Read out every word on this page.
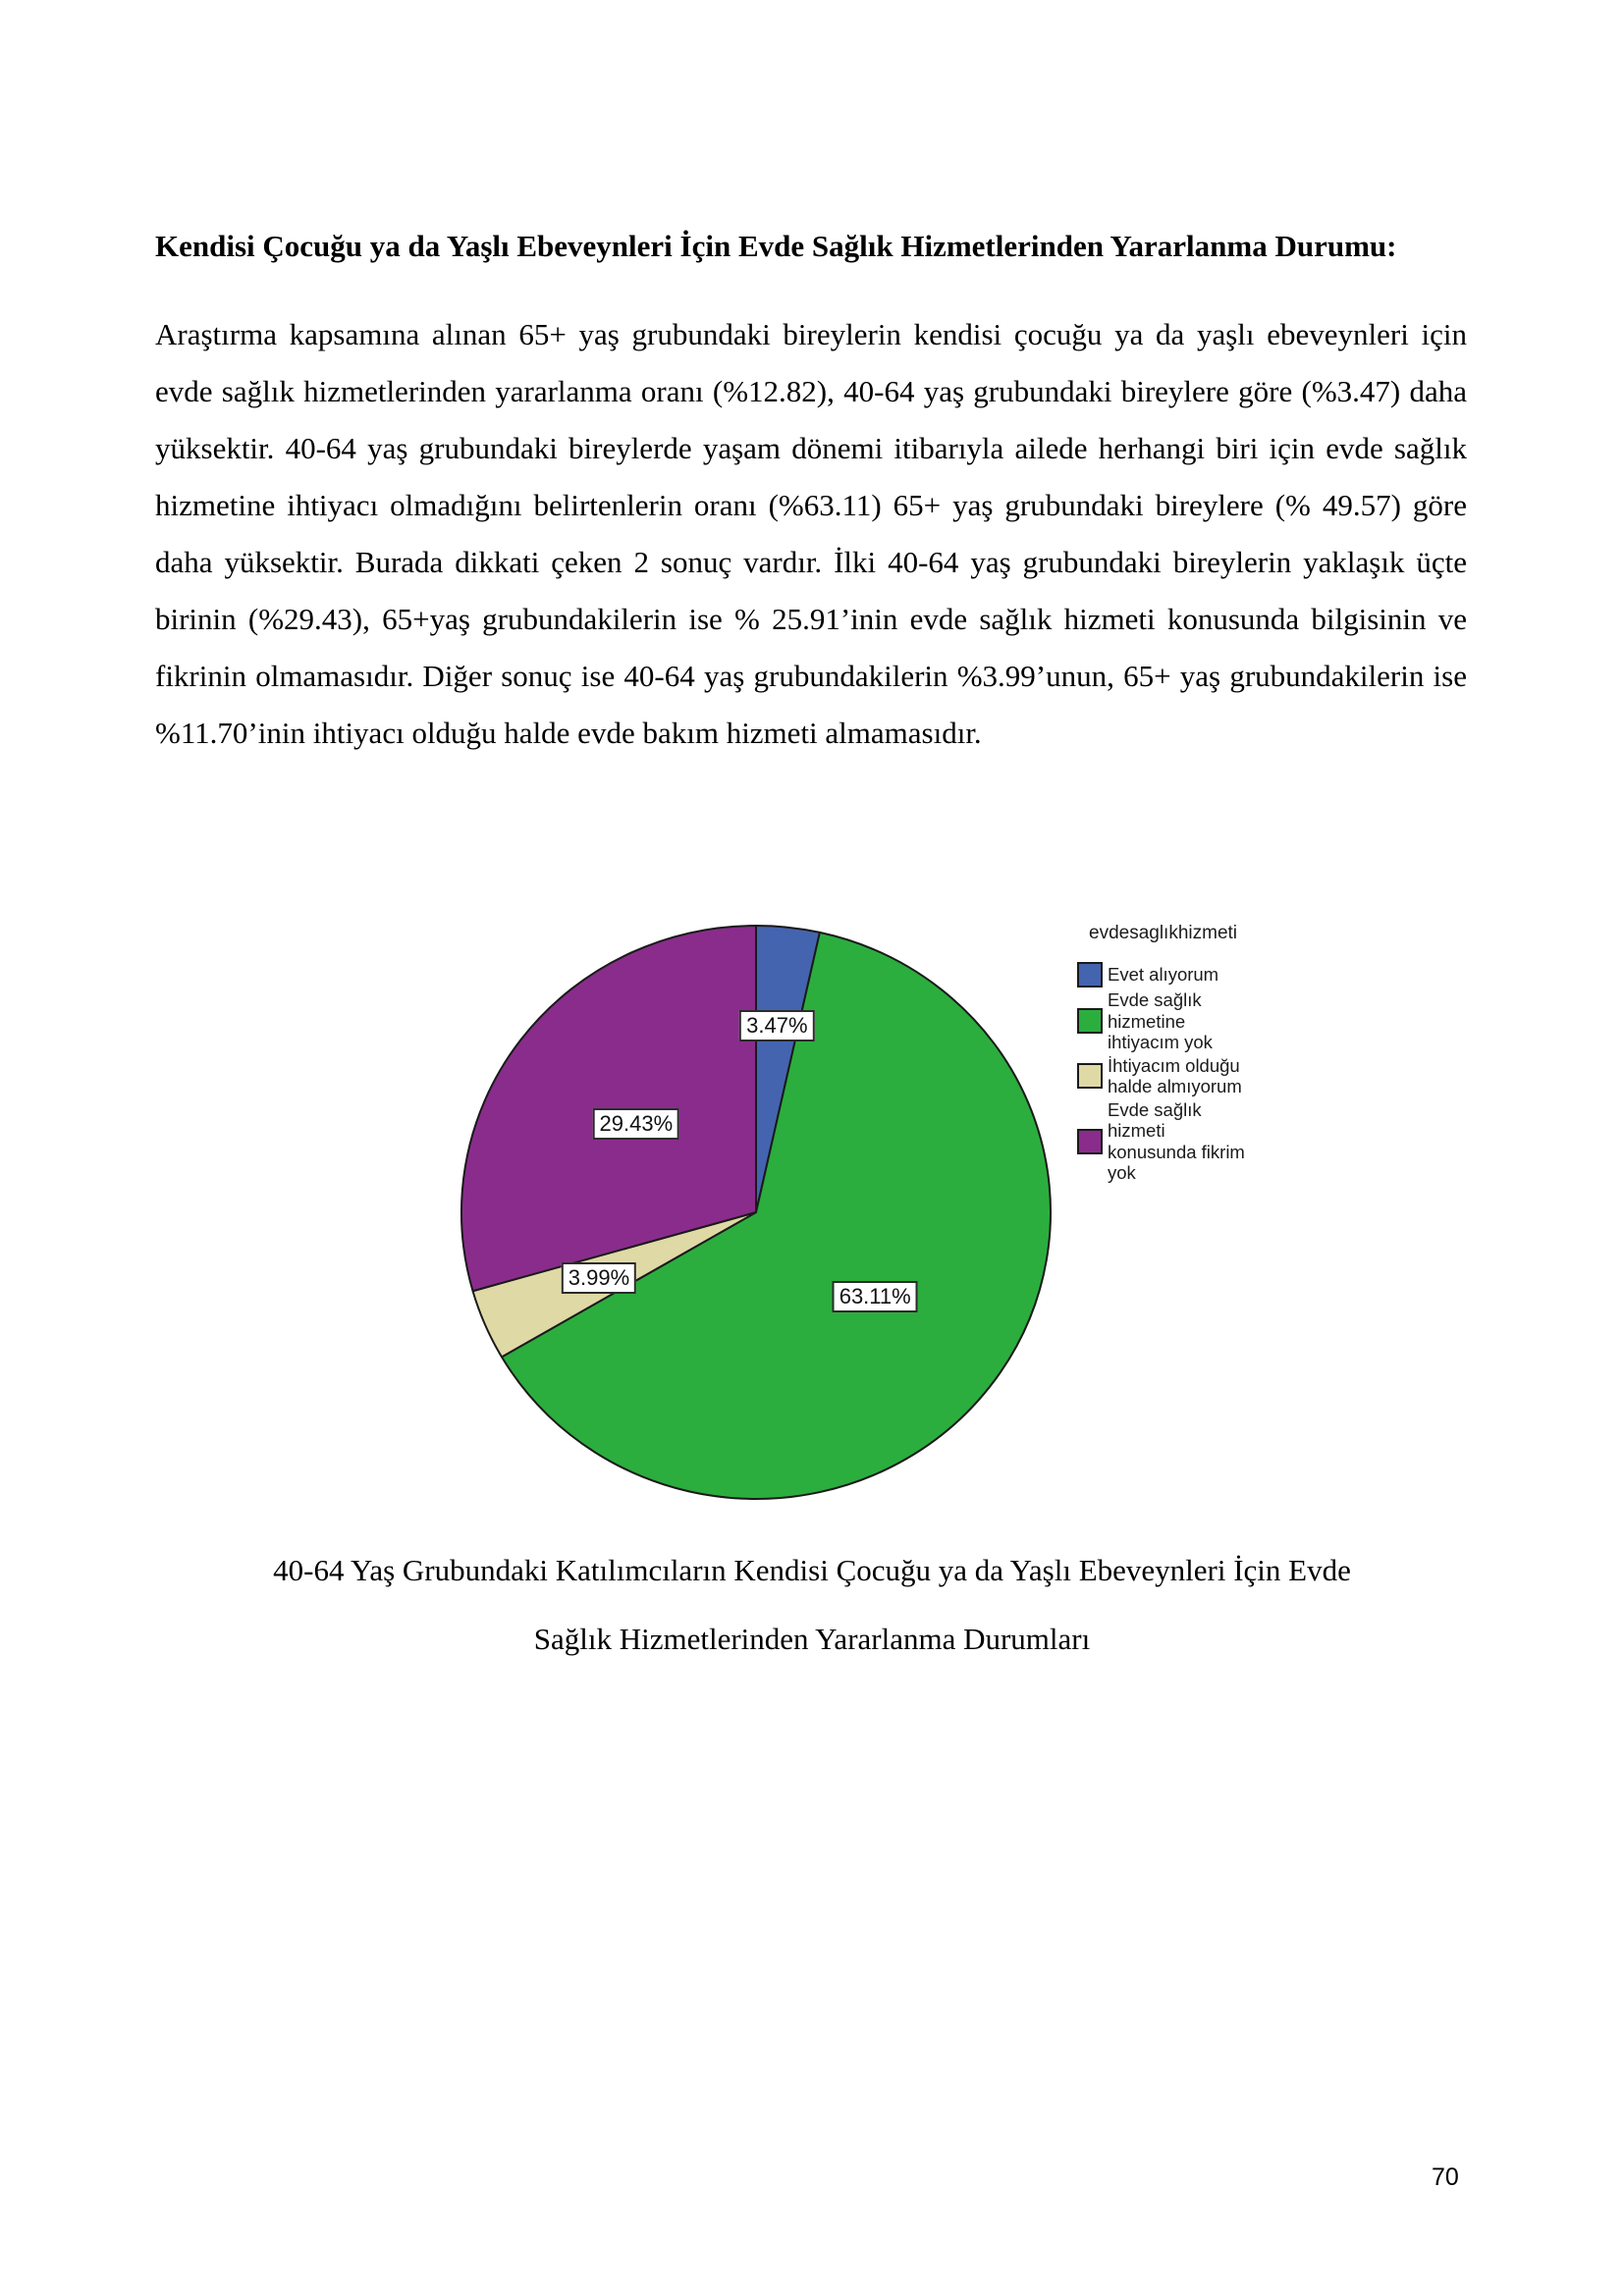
Kendisi Çocuğu ya da Yaşlı Ebeveynleri İçin Evde Sağlık Hizmetlerinden Yararlanma Durumu:
Araştırma kapsamına alınan 65+ yaş grubundaki bireylerin kendisi çocuğu ya da yaşlı ebeveynleri için evde sağlık hizmetlerinden yararlanma oranı (%12.82), 40-64 yaş grubundaki bireylere göre (%3.47) daha yüksektir. 40-64 yaş grubundaki bireylerde yaşam dönemi itibarıyla ailede herhangi biri için evde sağlık hizmetine ihtiyacı olmadığını belirtenlerin oranı (%63.11) 65+ yaş grubundaki bireylere (% 49.57) göre daha yüksektir. Burada dikkati çeken 2 sonuç vardır. İlki 40-64 yaş grubundaki bireylerin yaklaşık üçte birinin (%29.43), 65+yaş grubundakilerin ise % 25.91’inin evde sağlık hizmeti konusunda bilgisinin ve fikrinin olmamasıdır. Diğer sonuç ise 40-64 yaş grubundakilerin %3.99’unun, 65+ yaş grubundakilerin ise %11.70’inin ihtiyacı olduğu halde evde bakım hizmeti almamasıdır.
3.47%
63.11%
3.99%
29.43%
evdesaglıkhizmeti
Evet alıyorum
Evde sağlık
hizmetine
ihtiyacım yok
İhtiyacım olduğu
halde almıyorum
Evde sağlık
hizmeti
konusunda fikrim
yok
40-64 Yaş Grubundaki Katılımcıların Kendisi Çocuğu ya da Yaşlı Ebeveynleri İçin Evde
Sağlık Hizmetlerinden Yararlanma Durumları
70
